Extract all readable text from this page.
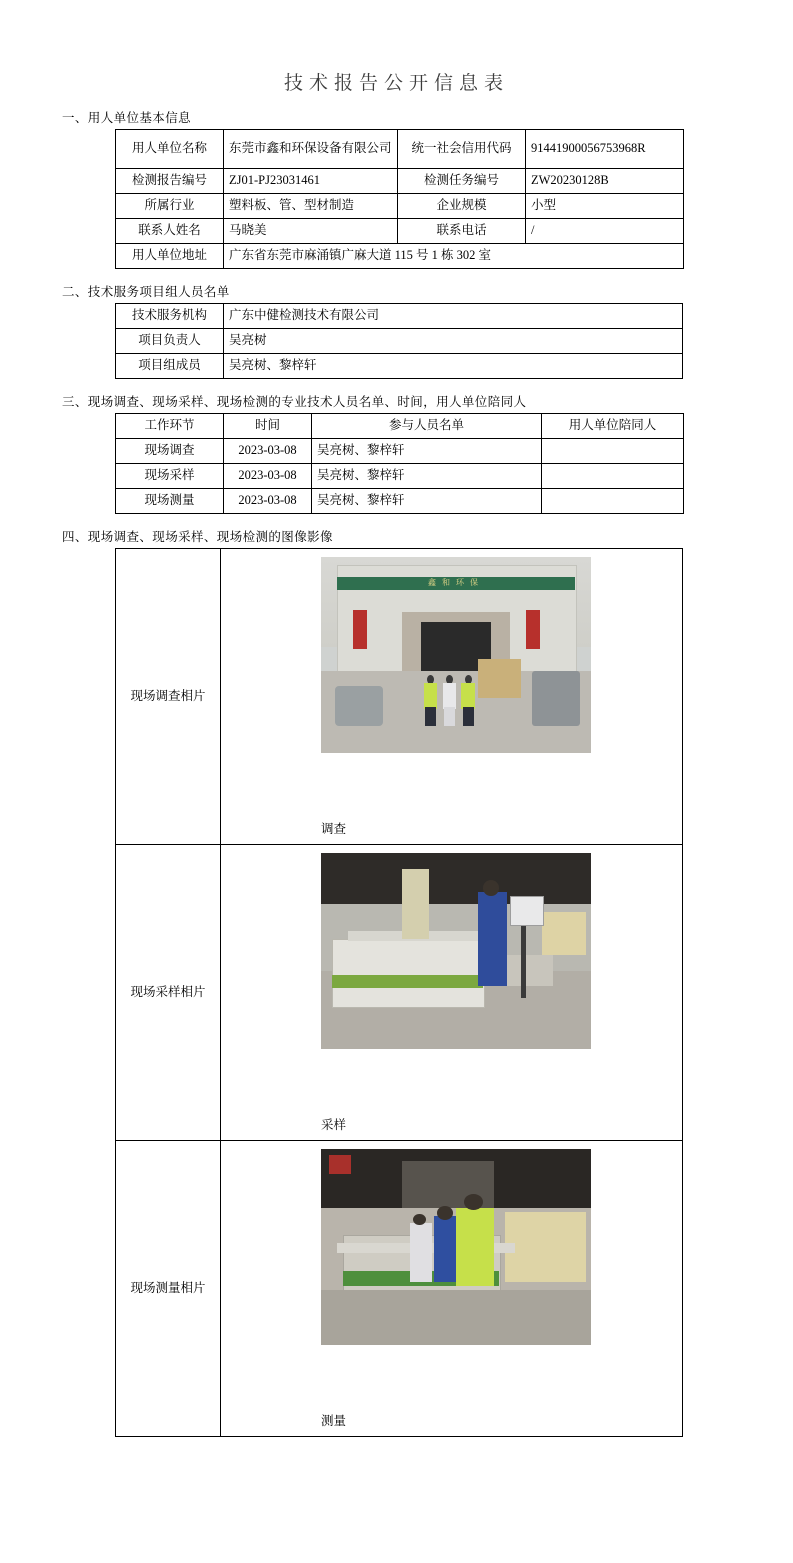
技术报告公开信息表
一、用人单位基本信息
用人单位名称	东莞市鑫和环保设备有限公司	统一社会信用代码	91441900056753968R
检测报告编号	ZJ01-PJ23031461	检测任务编号	ZW20230128B
所属行业	塑料板、管、型材制造	企业规模	小型
联系人姓名	马晓美	联系电话	/
用人单位地址	广东省东莞市麻涌镇广麻大道 115 号 1 栋 302 室		
二、技术服务项目组人员名单
技术服务机构	广东中健检测技术有限公司
项目负责人	吴亮树
项目组成员	吴亮树、黎梓轩
三、现场调查、现场采样、现场检测的专业技术人员名单、时间，用人单位陪同人
工作环节	时间	参与人员名单	用人单位陪同人
现场调查	2023-03-08	吴亮树、黎梓轩	
现场采样	2023-03-08	吴亮树、黎梓轩	
现场测量	2023-03-08	吴亮树、黎梓轩	
四、现场调查、现场采样、现场检测的图像影像
现场调查相片	鑫和环保
调查

现场采样相片	采样

现场测量相片	测量
